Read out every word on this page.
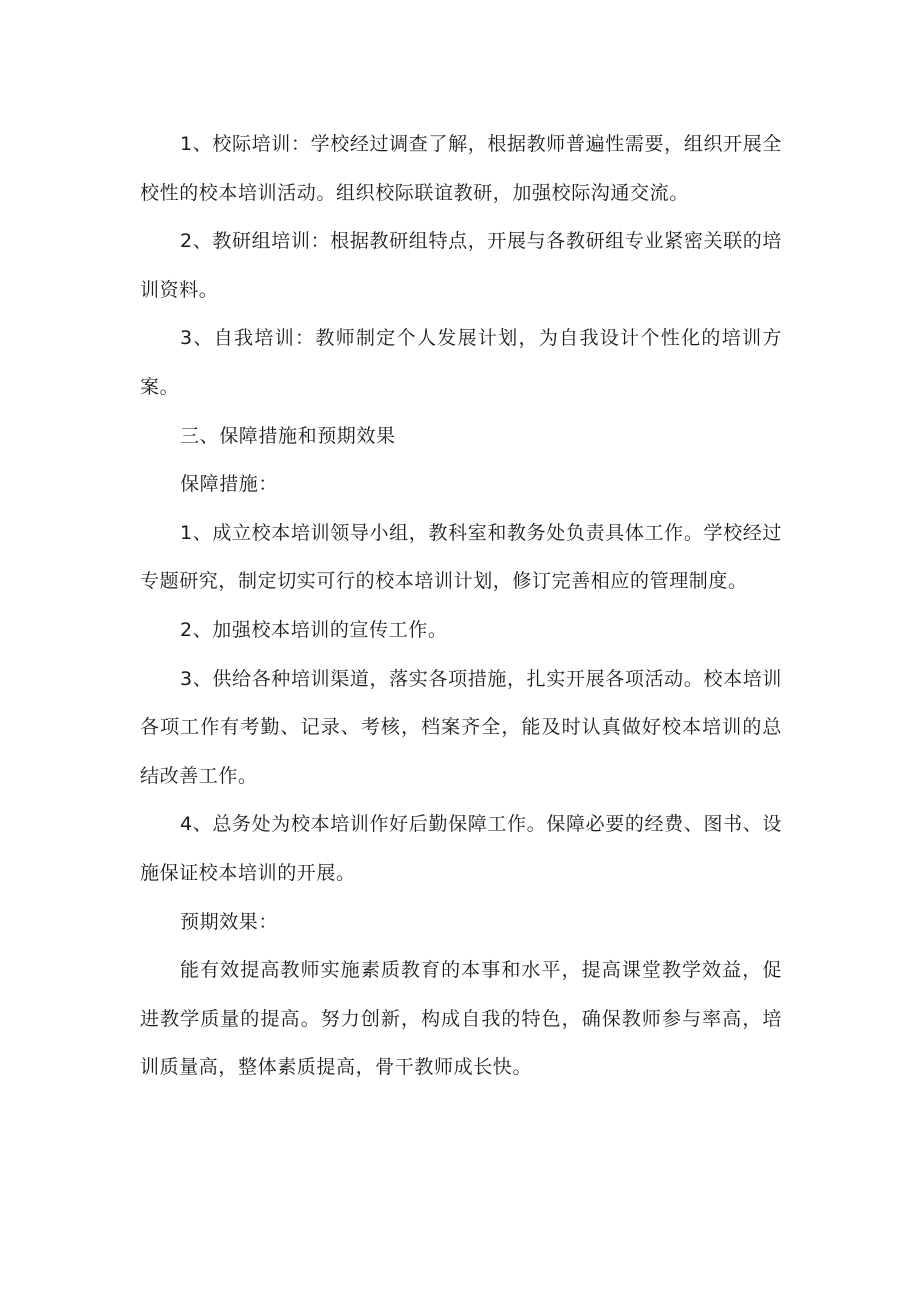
1、校际培训：学校经过调查了解，根据教师普遍性需要，组织开展全校性的校本培训活动。组织校际联谊教研，加强校际沟通交流。

2、教研组培训：根据教研组特点，开展与各教研组专业紧密关联的培训资料。

3、自我培训：教师制定个人发展计划，为自我设计个性化的培训方案。

三、保障措施和预期效果

保障措施：

1、成立校本培训领导小组，教科室和教务处负责具体工作。学校经过专题研究，制定切实可行的校本培训计划，修订完善相应的管理制度。

2、加强校本培训的宣传工作。

3、供给各种培训渠道，落实各项措施，扎实开展各项活动。校本培训各项工作有考勤、记录、考核，档案齐全，能及时认真做好校本培训的总结改善工作。

4、总务处为校本培训作好后勤保障工作。保障必要的经费、图书、设施保证校本培训的开展。

预期效果：

能有效提高教师实施素质教育的本事和水平，提高课堂教学效益，促进教学质量的提高。努力创新，构成自我的特色，确保教师参与率高，培训质量高，整体素质提高，骨干教师成长快。
